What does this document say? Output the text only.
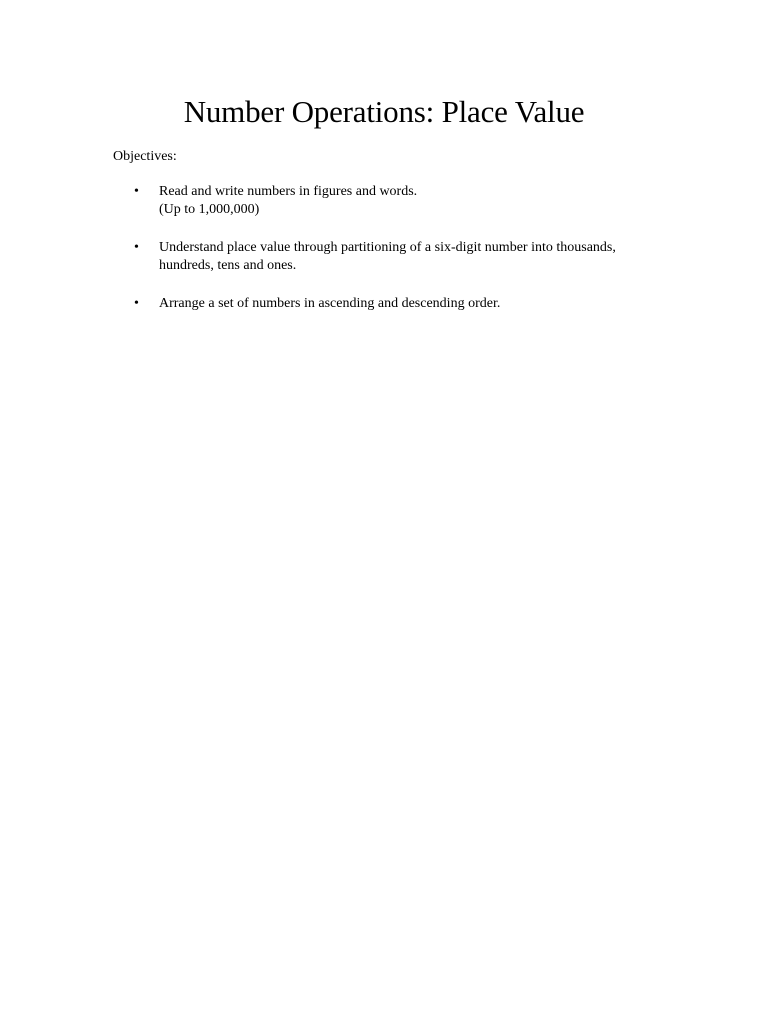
Number Operations: Place Value

Objectives:

• Read and write numbers in figures and words.
(Up to 1,000,000)
• Understand place value through partitioning of a six-digit number into thousands,
hundreds, tens and ones.
• Arrange a set of numbers in ascending and descending order.
